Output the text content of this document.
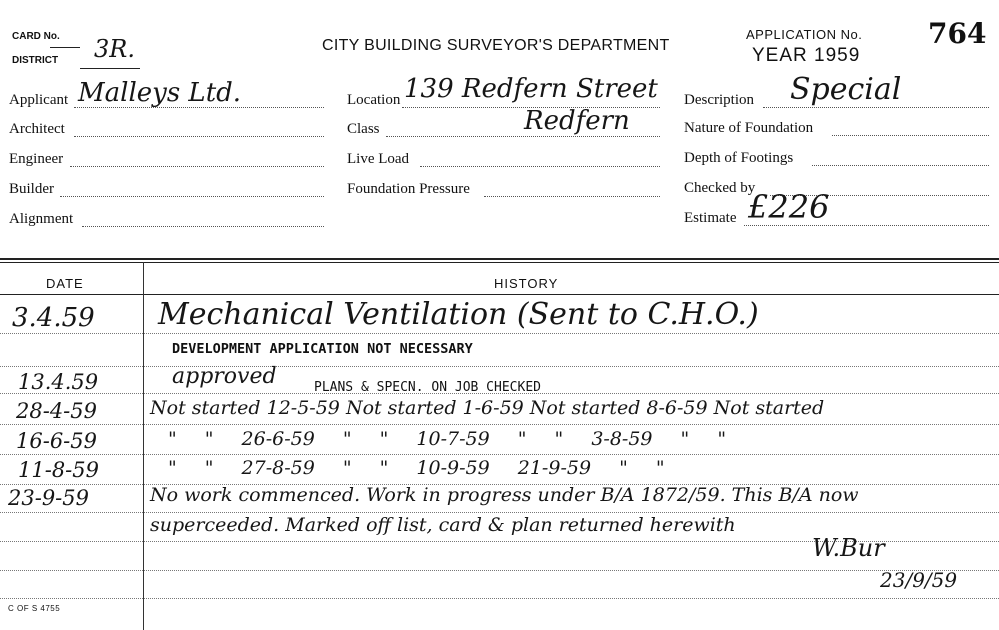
CARD No.
DISTRICT 3R.	CITY BUILDING SURVEYOR'S DEPARTMENT
APPLICATION No. 764
YEAR 1959
Applicant Malleys Ltd.
Architect
Engineer
Builder
Alignment
Location 139 Redfern Street
Class	Redfern
Live Load
Foundation Pressure
Description Special
Nature of Foundation
Depth of Footings
Checked by
Estimate £226
DATE	HISTORY
3.4.59 Mechanical Ventilation (Sent to C.H.O.)
DEVELOPMENT APPLICATION NOT NECESSARY
13.4.59	approved	PLANS & SPECN. ON JOB CHECKED
28-4-59	Not started 12-5-59 Not started 1-6-59 Not started 8-6-59 Not started
16-6-59	" " 26-6-59 " " 10-7-59 " " 3-8-59 " "
11-8-59	" " 27-8-59 " " 10-9-59 21-9-59 " "
23-9-59	No work commenced. Work in progress under B/A 1872/59. This B/A now
superceeded. Marked off list, card & plan returned herewith
W.Bur
23/9/59
C OF S 4755
